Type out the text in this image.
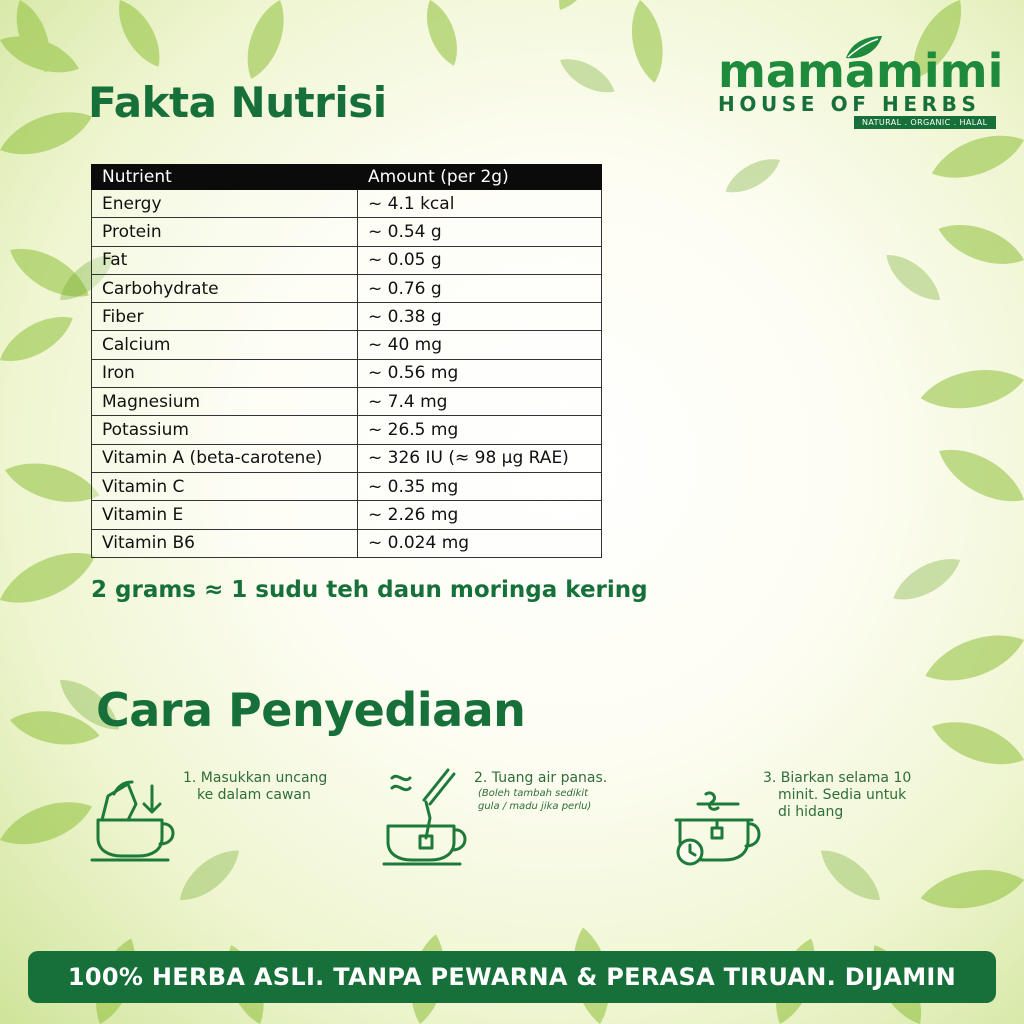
mamamimi
HOUSE OF HERBS
NATURAL . ORGANIC . HALAL
Fakta Nutrisi
Nutrient	Amount (per 2g)
Energy	~ 4.1 kcal
Protein	~ 0.54 g
Fat	~ 0.05 g
Carbohydrate	~ 0.76 g
Fiber	~ 0.38 g
Calcium	~ 40 mg
Iron	~ 0.56 mg
Magnesium	~ 7.4 mg
Potassium	~ 26.5 mg
Vitamin A (beta-carotene)	~ 326 IU (≈ 98 µg RAE)
Vitamin C	~ 0.35 mg
Vitamin E	~ 2.26 mg
Vitamin B6	~ 0.024 mg
2 grams ≈ 1 sudu teh daun moringa kering
Cara Penyediaan
1. Masukkan uncang
ke dalam cawan
2. Tuang air panas.
(Boleh tambah sedikit
gula / madu jika perlu)
3. Biarkan selama 10
minit. Sedia untuk
di hidang
100% HERBA ASLI. TANPA PEWARNA & PERASA TIRUAN. DIJAMIN
